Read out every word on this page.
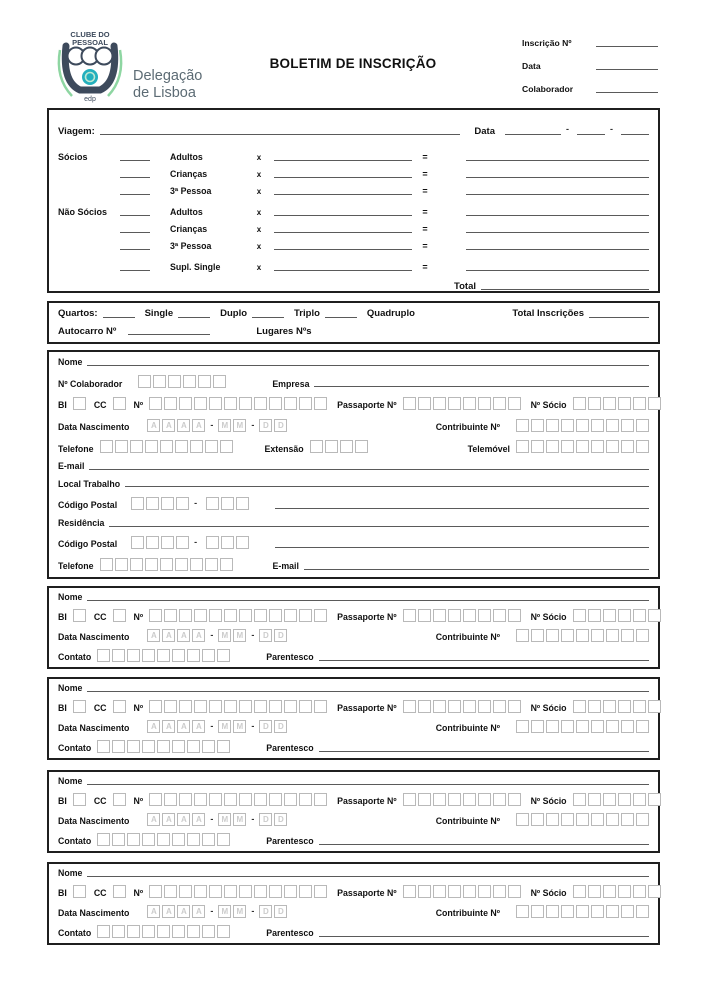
CLUBE DO
PESSOAL
edp
Delegação
de Lisboa
BOLETIM DE INSCRIÇÃO
Inscrição Nº
Data
Colaborador
Viagem:	Data	-	-
Sócios	Adultos	x	=
Crianças	x	=
3ª Pessoa	x	=
Não Sócios	Adultos	x	=
Crianças	x	=
3ª Pessoa	x	=
Supl. Single	x	=
Total
Quartos:	Single	Duplo	Triplo	Quadruplo	Total Inscrições
Autocarro Nº	Lugares Nºs
Nome
Nº Colaborador	Empresa
BI	CC	Nº	Passaporte Nº	Nº Sócio
Data Nascimento	A	A	A	A -	M	M -	D	D	Contribuinte Nº
Telefone	Extensão	Telemóvel
E-mail
Local Trabalho
Código Postal	-
Residência
Código Postal	-
Telefone	E-mail
Nome
BI	CC	Nº	Passaporte Nº	Nº Sócio
Data Nascimento	A	A	A	A -	M	M -	D	D	Contribuinte Nº
Contato	Parentesco
Nome
BI	CC	Nº	Passaporte Nº	Nº Sócio
Data Nascimento	A	A	A	A -	M	M -	D	D	Contribuinte Nº
Contato	Parentesco
Nome
BI	CC	Nº	Passaporte Nº	Nº Sócio
Data Nascimento	A	A	A	A -	M	M -	D	D	Contribuinte Nº
Contato	Parentesco
Nome
BI	CC	Nº	Passaporte Nº	Nº Sócio
Data Nascimento	A	A	A	A -	M	M -	D	D	Contribuinte Nº
Contato	Parentesco
